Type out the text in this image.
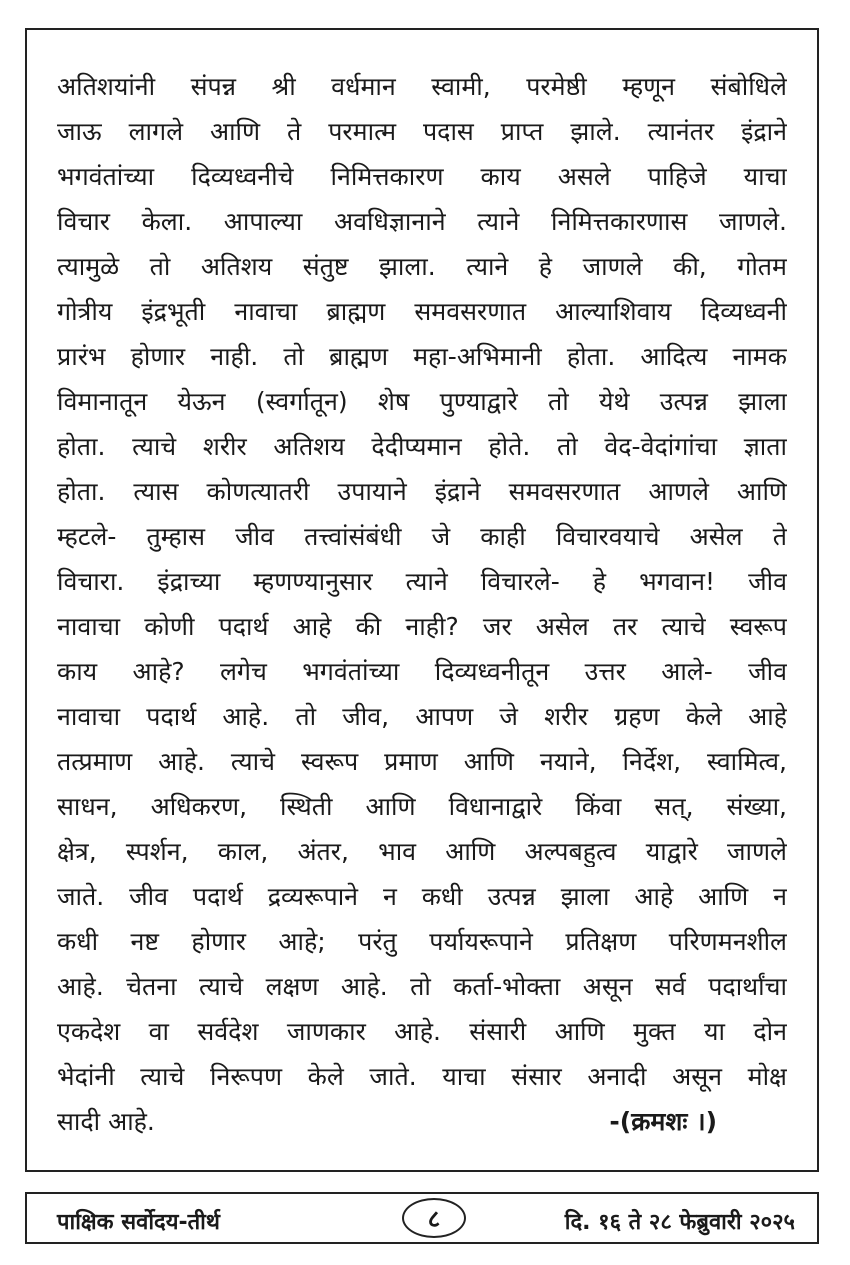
अतिशयांनी संपन्न श्री वर्धमान स्वामी, परमेष्ठी म्हणून संबोधिले
जाऊ लागले आणि ते परमात्म पदास प्राप्त झाले. त्यानंतर इंद्राने
भगवंतांच्या दिव्यध्वनीचे निमित्तकारण काय असले पाहिजे याचा
विचार केला. आपाल्या अवधिज्ञानाने त्याने निमित्तकारणास जाणले.
त्यामुळे तो अतिशय संतुष्ट झाला. त्याने हे जाणले की, गोतम
गोत्रीय इंद्रभूती नावाचा ब्राह्मण समवसरणात आल्याशिवाय दिव्यध्वनी
प्रारंभ होणार नाही. तो ब्राह्मण महा-अभिमानी होता. आदित्य नामक
विमानातून येऊन (स्वर्गातून) शेष पुण्याद्वारे तो येथे उत्पन्न झाला
होता. त्याचे शरीर अतिशय देदीप्यमान होते. तो वेद-वेदांगांचा ज्ञाता
होता. त्यास कोणत्यातरी उपायाने इंद्राने समवसरणात आणले आणि
म्हटले- तुम्हास जीव तत्त्वांसंबंधी जे काही विचारवयाचे असेल ते
विचारा. इंद्राच्या म्हणण्यानुसार त्याने विचारले- हे भगवान! जीव
नावाचा कोणी पदार्थ आहे की नाही? जर असेल तर त्याचे स्वरूप
काय आहे? लगेच भगवंतांच्या दिव्यध्वनीतून उत्तर आले- जीव
नावाचा पदार्थ आहे. तो जीव, आपण जे शरीर ग्रहण केले आहे
तत्प्रमाण आहे. त्याचे स्वरूप प्रमाण आणि नयाने, निर्देश, स्वामित्व,
साधन, अधिकरण, स्थिती आणि विधानाद्वारे किंवा सत्, संख्या,
क्षेत्र, स्पर्शन, काल, अंतर, भाव आणि अल्पबहुत्व याद्वारे जाणले
जाते. जीव पदार्थ द्रव्यरूपाने न कधी उत्पन्न झाला आहे आणि न
कधी नष्ट होणार आहे; परंतु पर्यायरूपाने प्रतिक्षण परिणमनशील
आहे. चेतना त्याचे लक्षण आहे. तो कर्ता-भोक्ता असून सर्व पदार्थांचा
एकदेश वा सर्वदेश जाणकार आहे. संसारी आणि मुक्त या दोन
भेदांनी त्याचे निरूपण केले जाते. याचा संसार अनादी असून मोक्ष
सादी आहे.	-(क्रमशः ।)
पाक्षिक सर्वोदय-तीर्थ	८	दि. १६ ते २८ फेब्रुवारी २०२५
